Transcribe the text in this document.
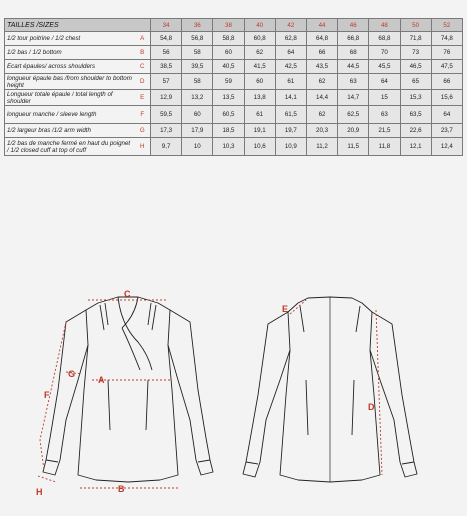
TAILLES /SIZES		34	36	38	40	42	44	46	48	50	52
1/2 tour poitrine / 1/2 chest	A	54,8	56,8	58,8	60,8	62,8	64,8	66,8	68,8	71,8	74,8
1/2 bas / 1/2 bottom	B	56	58	60	62	64	66	68	70	73	76
Ecart épaules/ across shoulders	C	38,5	39,5	40,5	41,5	42,5	43,5	44,5	45,5	46,5	47,5
longueur épaule bas /from shoulder to bottom height	D	57	58	59	60	61	62	63	64	65	66
Longueur totale épaule / total length of shoulder	E	12,9	13,2	13,5	13,8	14,1	14,4	14,7	15	15,3	15,6
longueur manche / sleeve length	F	59,5	60	60,5	61	61,5	62	62,5	63	63,5	64
1/2 largeur bras /1/2 arm width	G	17,3	17,9	18,5	19,1	19,7	20,3	20,9	21,5	22,6	23,7
1/2 bas de manche fermé en haut du poignet / 1/2 closed cuff at top of cuff	H	9,7	10	10,3	10,6	10,9	11,2	11,5	11,8	12,1	12,4
C
A
G
F
B
H
E
D
